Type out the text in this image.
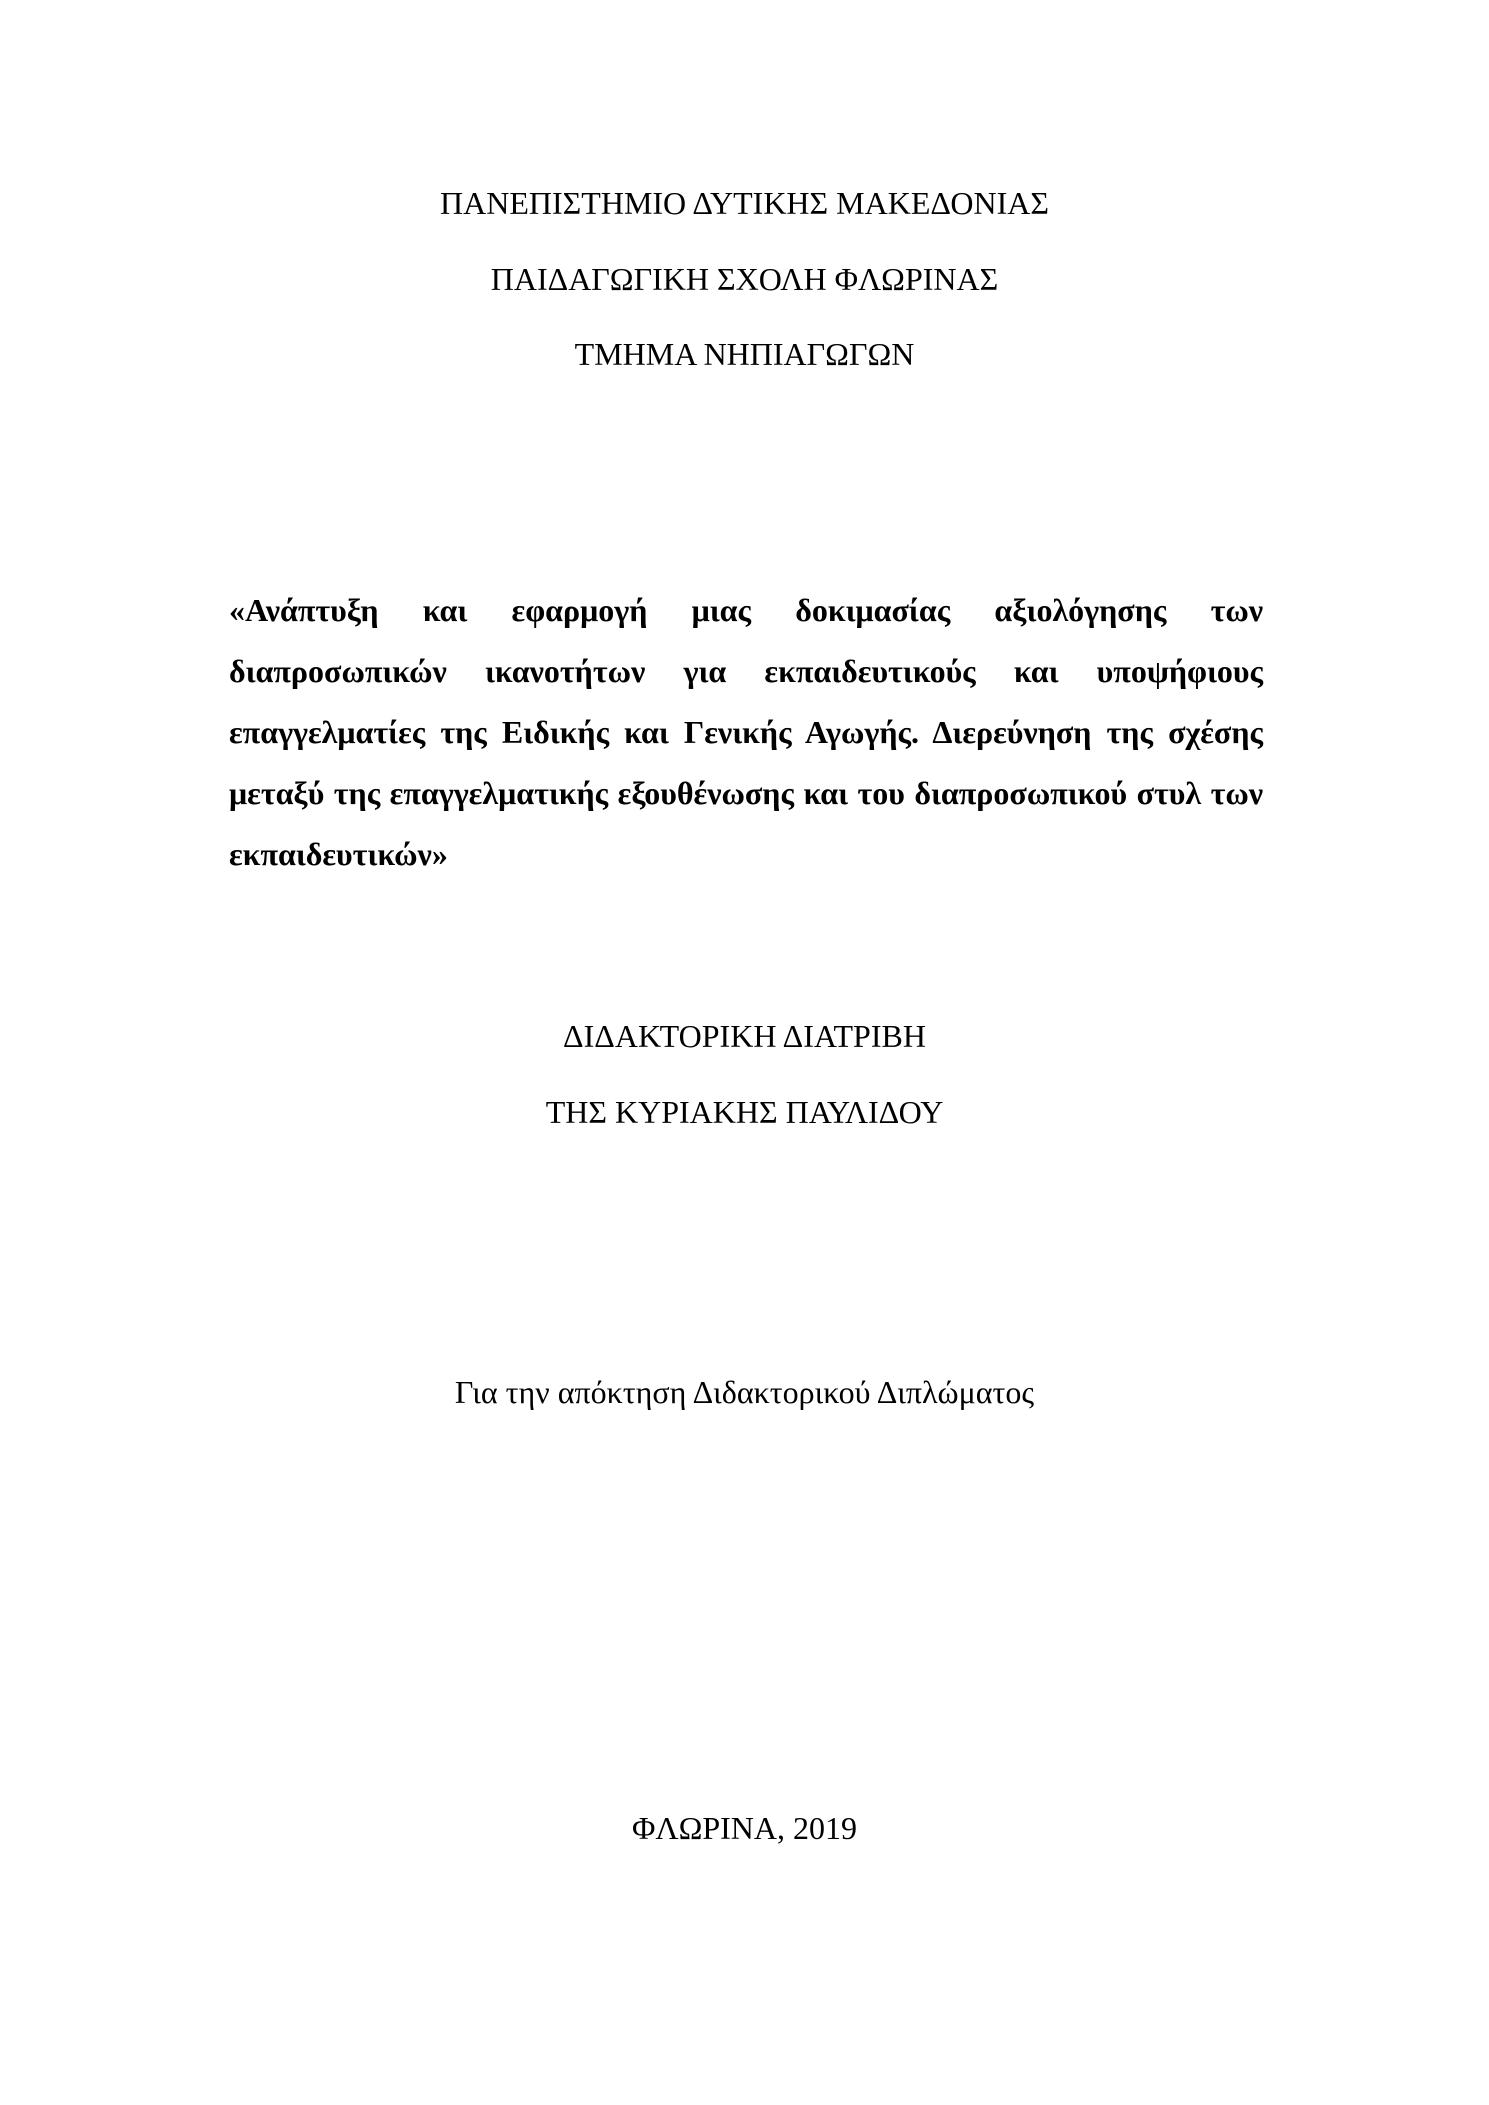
ΠΑΝΕΠΙΣΤΗΜΙΟ ΔΥΤΙΚΗΣ ΜΑΚΕΔΟΝΙΑΣ
ΠΑΙΔΑΓΩΓΙΚΗ ΣΧΟΛΗ ΦΛΩΡΙΝΑΣ
ΤΜΗΜΑ ΝΗΠΙΑΓΩΓΩΝ
«Ανάπτυξη και εφαρμογή μιας δοκιμασίας αξιολόγησης των διαπροσωπικών ικανοτήτων για εκπαιδευτικούς και υποψήφιους επαγγελματίες της Ειδικής και Γενικής Αγωγής. Διερεύνηση της σχέσης μεταξύ της επαγγελματικής εξουθένωσης και του διαπροσωπικού στυλ των εκπαιδευτικών»
ΔΙΔΑΚΤΟΡΙΚΗ ΔΙΑΤΡΙΒΗ
ΤΗΣ ΚΥΡΙΑΚΗΣ ΠΑΥΛΙΔΟΥ
Για την απόκτηση Διδακτορικού Διπλώματος
ΦΛΩΡΙΝΑ, 2019
